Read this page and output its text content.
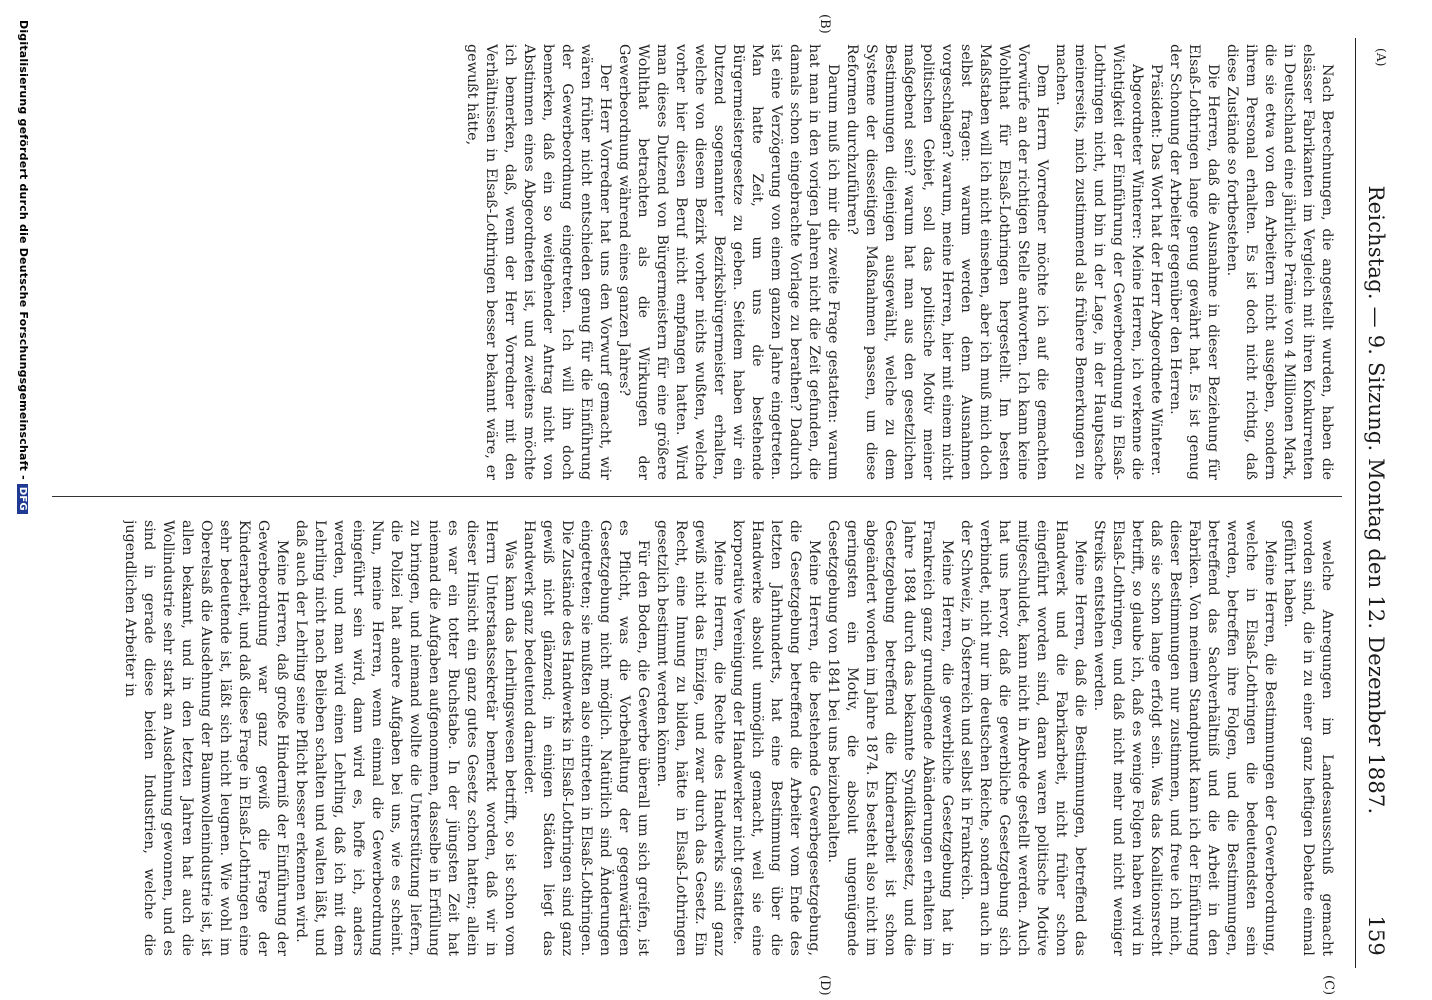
(A)
Reichstag. — 9. Sitzung. Montag den 12. Dezember 1887.
159
(B)
(C)
(D)

Nach Berechnungen, die angestellt wurden, haben die elsässer Fabrikanten im Vergleich mit ihren Konkurrenten in Deutschland eine jährliche Prämie von 4 Millionen Mark, die sie etwa von den Arbeitern nicht ausgeben, sondern ihrem Personal erhalten. Es ist doch nicht richtig, daß diese Zustände so fortbestehen.

Die Herren, daß die Ausnahme in dieser Beziehung für Elsaß-Lothringen lange genug gewährt hat. Es ist genug der Schonung der Arbeiter gegenüber den Herren.

Präsident: Das Wort hat der Herr Abgeordnete Winterer.

Abgeordneter Winterer: Meine Herren, ich verkenne die Wichtigkeit der Einführung der Gewerbeordnung in Elsaß-Lothringen nicht, und bin in der Lage, in der Hauptsache meinerseits, mich zustimmend als frühere Bemerkungen zu machen.

Dem Herrn Vorredner möchte ich auf die gemachten Vorwürfe an der richtigen Stelle antworten. Ich kann keine Wohlthat für Elsaß-Lothringen hergestellt. Im besten Maßstaben will ich nicht einsehen, aber ich muß mich doch selbst fragen: warum werden denn Ausnahmen vorgeschlagen? warum, meine Herren, hier mit einem nicht politischen Gebiet, soll das politische Motiv meiner maßgebend sein? warum hat man aus den gesetzlichen Bestimmungen diejenigen ausgewählt, welche zu dem Systeme der diesseitigen Maßnahmen passen, um diese Reformen durchzuführen?

Darum muß ich mir die zweite Frage gestatten: warum hat man in den vorigen Jahren nicht die Zeit gefunden, die damals schon eingebrachte Vorlage zu berathen? Dadurch ist eine Verzögerung von einem ganzen Jahre eingetreten. Man hatte Zeit, um uns die bestehende Bürgermeistergesetze zu geben. Seitdem haben wir ein Dutzend sogenannter Bezirksbürgermeister erhalten, welche von diesem Bezirk vorher nichts wußten, welche vorher hier diesen Beruf nicht empfangen hatten. Wird man dieses Dutzend von Bürgermeistern für eine größere Wohlthat betrachten als die Wirkungen der Gewerbeordnung während eines ganzen Jahres?

Der Herr Vorredner hat uns den Vorwurf gemacht, wir wären früher nicht entschieden genug für die Einführung der Gewerbeordnung eingetreten. Ich will ihn doch bemerken, daß ein so weitgehender Antrag nicht von Abstimmen eines Abgeordneten ist, und zweitens möchte ich bemerken, daß, wenn der Herr Vorredner mit den Verhältnissen in Elsaß-Lothringen besser bekannt wäre, er gewußt hätte,

welche Anregungen im Landesausschuß gemacht worden sind, die in zu einer ganz heftigen Debatte einmal geführt haben.

Meine Herren, die Bestimmungen der Gewerbeordnung, welche in Elsaß-Lothringen die bedeutendsten sein werden, betreffen ihre Folgen, und die Bestimmungen, betreffend das Sachverhältniß und die Arbeit in den Fabriken. Von meinem Standpunkt kann ich der Einführung dieser Bestimmungen nur zustimmen, und freue ich mich, daß sie schon lange erfolgt sein. Was das Koalitionsrecht betrifft, so glaube ich, daß es wenige Folgen haben wird in Elsaß-Lothringen, und daß nicht mehr und nicht weniger Streiks entstehen werden.

Meine Herren, daß die Bestimmungen, betreffend das Handwerk und die Fabrikarbeit, nicht früher schon eingeführt worden sind, daran waren politische Motive mitgeschuldet, kann nicht in Abrede gestellt werden. Auch hat uns hervor, daß die gewerbliche Gesetzgebung sich verbindet, nicht nur im deutschen Reiche, sondern auch in der Schweiz, in Österreich und selbst in Frankreich.

Meine Herren, die gewerbliche Gesetzgebung hat in Frankreich ganz grundlegende Abänderungen erhalten im Jahre 1884 durch das bekannte Syndikatsgesetz, und die Gesetzgebung betreffend die Kinderarbeit ist schon abgeändert worden im Jahre 1874. Es besteht also nicht im geringsten ein Motiv, die absolut ungenügende Gesetzgebung von 1841 bei uns beizubehalten.

Meine Herren, die bestehende Gewerbegesetzgebung, die Gesetzgebung betreffend die Arbeiter vom Ende des letzten Jahrhunderts, hat eine Bestimmung über die Handwerke absolut unmöglich gemacht, weil sie eine korporative Vereinigung der Handwerker nicht gestattete.

Meine Herren, die Rechte des Handwerks sind ganz gewiß nicht das Einzige, und zwar durch das Gesetz. Ein Recht, eine Innung zu bilden, hätte in Elsaß-Lothringen gesetzlich bestimmt werden können.

Für den Boden, die Gewerbe überall um sich greifen, ist es Pflicht, was die Vorbehaltung der gegenwärtigen Gesetzgebung nicht möglich. Natürlich sind Änderungen eingetreten; sie mußten also eintreten in Elsaß-Lothringen. Die Zustände des Handwerks in Elsaß-Lothringen sind ganz gewiß nicht glänzend; in einigen Städten liegt das Handwerk ganz bedeutend darnieder.

Was kann das Lehrlingswesen betrifft, so ist schon vom Herrn Unterstaatssekretär bemerkt worden, daß wir in dieser Hinsicht ein ganz gutes Gesetz schon hatten; allein es war ein totter Buchstabe. In der jüngsten Zeit hat niemand die Aufgaben aufgenommen, dasselbe in Erfüllung zu bringen, und niemand wollte die Unterstützung liefern, die Polizei hat andere Aufgaben bei uns, wie es scheint. Nun, meine Herren, wenn einmal die Gewerbeordnung eingeführt sein wird, dann wird es, hoffe ich, anders werden, und man wird einen Lehrling, daß ich mit dem Lehrling nicht nach Belieben schalten und walten läßt, und daß auch der Lehrling seine Pflicht besser erkennen wird.

Meine Herren, daß große Hinderniß der Einführung der Gewerbeordnung war ganz gewiß die Frage der Kinderarbeit, und daß diese Frage in Elsaß-Lothringen eine sehr bedeutende ist, läßt sich nicht leugnen. Wie wohl im Oberelsaß die Ausdehnung der Baumwollenindustrie ist, ist allen bekannt, und in den letzten Jahren hat auch die Wollindustrie sehr stark an Ausdehnung gewonnen, und es sind in gerade diese beiden Industrien, welche die jugendlichen Arbeiter in

Digitalisierung gefördert durch die Deutsche Forschungsgemeinschaft -DFG
